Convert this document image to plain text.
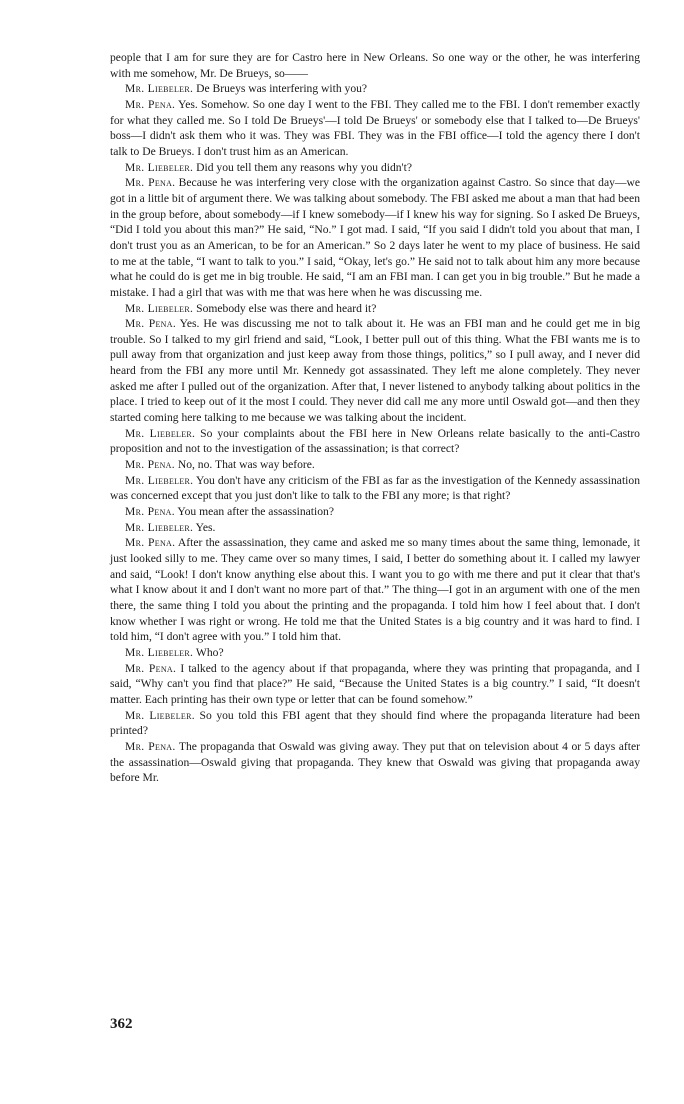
people that I am for sure they are for Castro here in New Orleans. So one way or the other, he was interfering with me somehow, Mr. De Brueys, so——

Mr. Liebeler. De Brueys was interfering with you?

Mr. Pena. Yes. Somehow. So one day I went to the FBI. They called me to the FBI. I don't remember exactly for what they called me. So I told De Brueys'—I told De Brueys' or somebody else that I talked to—De Brueys' boss—I didn't ask them who it was. They was FBI. They was in the FBI office—I told the agency there I don't talk to De Brueys. I don't trust him as an American.

Mr. Liebeler. Did you tell them any reasons why you didn't?

Mr. Pena. Because he was interfering very close with the organization against Castro. So since that day—we got in a little bit of argument there. We was talking about somebody. The FBI asked me about a man that had been in the group before, about somebody—if I knew somebody—if I knew his way for signing. So I asked De Brueys, “Did I told you about this man?” He said, “No.” I got mad. I said, “If you said I didn't told you about that man, I don't trust you as an American, to be for an American.” So 2 days later he went to my place of business. He said to me at the table, “I want to talk to you.” I said, “Okay, let's go.” He said not to talk about him any more because what he could do is get me in big trouble. He said, “I am an FBI man. I can get you in big trouble.” But he made a mistake. I had a girl that was with me that was here when he was discussing me.

Mr. Liebeler. Somebody else was there and heard it?

Mr. Pena. Yes. He was discussing me not to talk about it. He was an FBI man and he could get me in big trouble. So I talked to my girl friend and said, “Look, I better pull out of this thing. What the FBI wants me is to pull away from that organization and just keep away from those things, politics,” so I pull away, and I never did heard from the FBI any more until Mr. Kennedy got assassinated. They left me alone completely. They never asked me after I pulled out of the organization. After that, I never listened to anybody talking about politics in the place. I tried to keep out of it the most I could. They never did call me any more until Oswald got—and then they started coming here talking to me because we was talking about the incident.

Mr. Liebeler. So your complaints about the FBI here in New Orleans relate basically to the anti-Castro proposition and not to the investigation of the assassination; is that correct?

Mr. Pena. No, no. That was way before.

Mr. Liebeler. You don't have any criticism of the FBI as far as the investigation of the Kennedy assassination was concerned except that you just don't like to talk to the FBI any more; is that right?

Mr. Pena. You mean after the assassination?

Mr. Liebeler. Yes.

Mr. Pena. After the assassination, they came and asked me so many times about the same thing, lemonade, it just looked silly to me. They came over so many times, I said, I better do something about it. I called my lawyer and said, “Look! I don't know anything else about this. I want you to go with me there and put it clear that that's what I know about it and I don't want no more part of that.” The thing—I got in an argument with one of the men there, the same thing I told you about the printing and the propaganda. I told him how I feel about that. I don't know whether I was right or wrong. He told me that the United States is a big country and it was hard to find. I told him, “I don't agree with you.” I told him that.

Mr. Liebeler. Who?

Mr. Pena. I talked to the agency about if that propaganda, where they was printing that propaganda, and I said, “Why can't you find that place?” He said, “Because the United States is a big country.” I said, “It doesn't matter. Each printing has their own type or letter that can be found somehow.”

Mr. Liebeler. So you told this FBI agent that they should find where the propaganda literature had been printed?

Mr. Pena. The propaganda that Oswald was giving away. They put that on television about 4 or 5 days after the assassination—Oswald giving that propaganda. They knew that Oswald was giving that propaganda away before Mr.

362
